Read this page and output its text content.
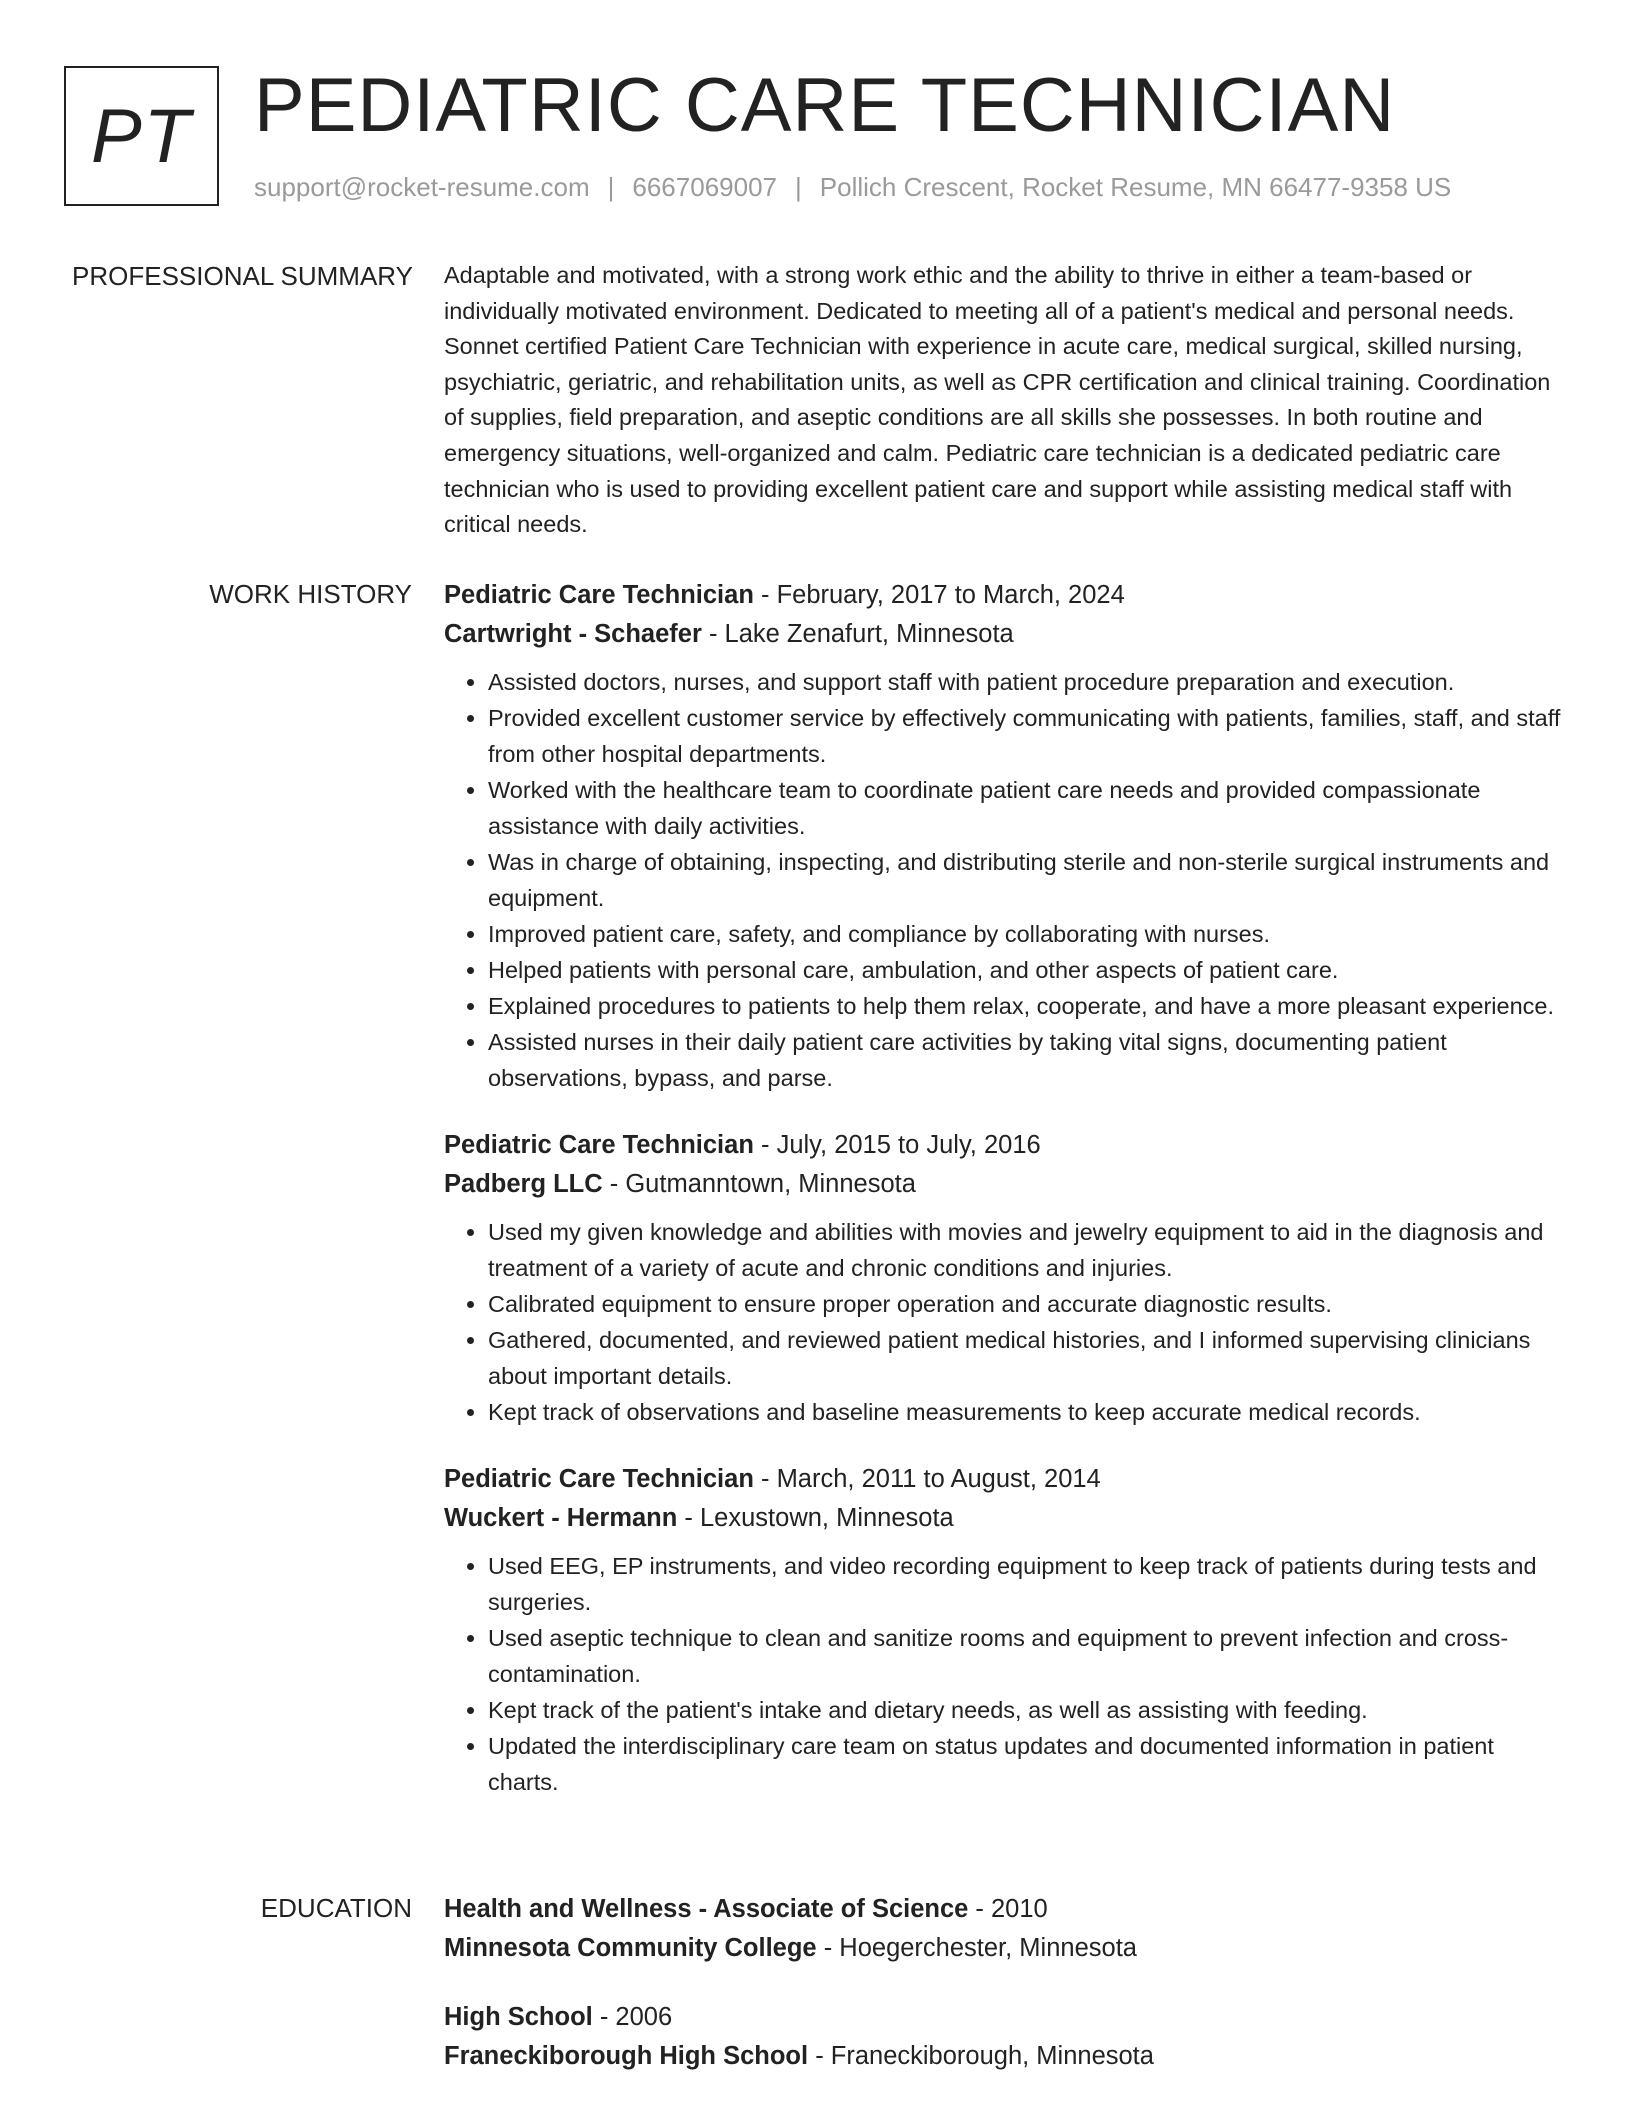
PT PEDIATRIC CARE TECHNICIAN
support@rocket-resume.com | 6667069007 | Pollich Crescent, Rocket Resume, MN 66477-9358 US
PROFESSIONAL SUMMARY Adaptable and motivated, with a strong work ethic and the ability to thrive in either a team-based or individually motivated environment. Dedicated to meeting all of a patient's medical and personal needs. Sonnet certified Patient Care Technician with experience in acute care, medical surgical, skilled nursing, psychiatric, geriatric, and rehabilitation units, as well as CPR certification and clinical training. Coordination of supplies, field preparation, and aseptic conditions are all skills she possesses. In both routine and emergency situations, well-organized and calm. Pediatric care technician is a dedicated pediatric care technician who is used to providing excellent patient care and support while assisting medical staff with critical needs.

WORK HISTORY Pediatric Care Technician - February, 2017 to March, 2024
Cartwright - Schaefer - Lake Zenafurt, Minnesota
• Assisted doctors, nurses, and support staff with patient procedure preparation and execution.
• Provided excellent customer service by effectively communicating with patients, families, staff, and staff from other hospital departments.
• Worked with the healthcare team to coordinate patient care needs and provided compassionate assistance with daily activities.
• Was in charge of obtaining, inspecting, and distributing sterile and non-sterile surgical instruments and equipment.
• Improved patient care, safety, and compliance by collaborating with nurses.
• Helped patients with personal care, ambulation, and other aspects of patient care.
• Explained procedures to patients to help them relax, cooperate, and have a more pleasant experience.
• Assisted nurses in their daily patient care activities by taking vital signs, documenting patient observations, bypass, and parse.
Pediatric Care Technician - July, 2015 to July, 2016
Padberg LLC - Gutmanntown, Minnesota
• Used my given knowledge and abilities with movies and jewelry equipment to aid in the diagnosis and treatment of a variety of acute and chronic conditions and injuries.
• Calibrated equipment to ensure proper operation and accurate diagnostic results.
• Gathered, documented, and reviewed patient medical histories, and I informed supervising clinicians about important details.
• Kept track of observations and baseline measurements to keep accurate medical records.
Pediatric Care Technician - March, 2011 to August, 2014
Wuckert - Hermann - Lexustown, Minnesota
• Used EEG, EP instruments, and video recording equipment to keep track of patients during tests and surgeries.
• Used aseptic technique to clean and sanitize rooms and equipment to prevent infection and cross-contamination.
• Kept track of the patient's intake and dietary needs, as well as assisting with feeding.
• Updated the interdisciplinary care team on status updates and documented information in patient charts.
EDUCATION Health and Wellness - Associate of Science - 2010
Minnesota Community College - Hoegerchester, Minnesota
High School - 2006
Franeckiborough High School - Franeckiborough, Minnesota
